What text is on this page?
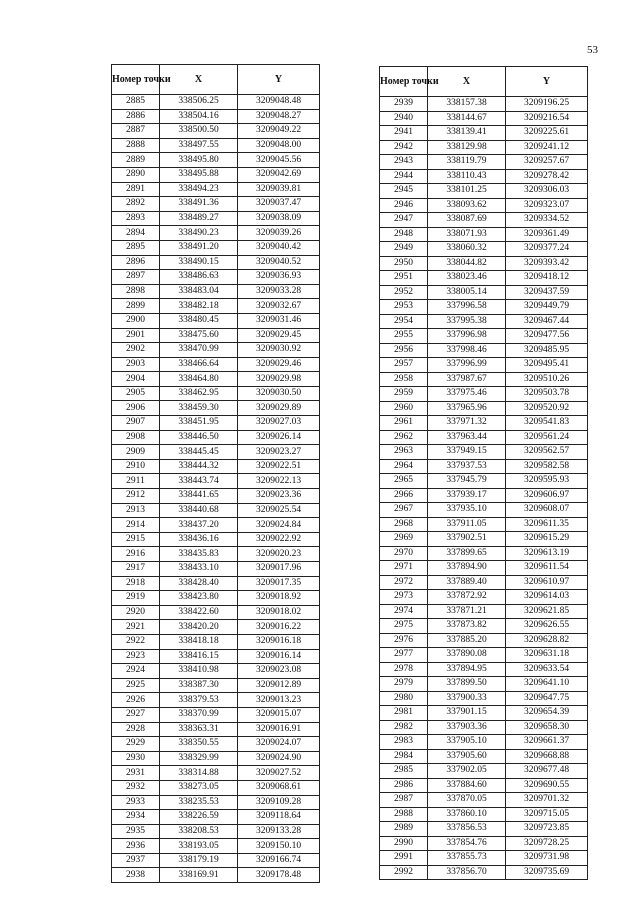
53
Номер точки	X	Y
2885	338506.25	3209048.48
2886	338504.16	3209048.27
2887	338500.50	3209049.22
2888	338497.55	3209048.00
2889	338495.80	3209045.56
2890	338495.88	3209042.69
2891	338494.23	3209039.81
2892	338491.36	3209037.47
2893	338489.27	3209038.09
2894	338490.23	3209039.26
2895	338491.20	3209040.42
2896	338490.15	3209040.52
2897	338486.63	3209036.93
2898	338483.04	3209033.28
2899	338482.18	3209032.67
2900	338480.45	3209031.46
2901	338475.60	3209029.45
2902	338470.99	3209030.92
2903	338466.64	3209029.46
2904	338464.80	3209029.98
2905	338462.95	3209030.50
2906	338459.30	3209029.89
2907	338451.95	3209027.03
2908	338446.50	3209026.14
2909	338445.45	3209023.27
2910	338444.32	3209022.51
2911	338443.74	3209022.13
2912	338441.65	3209023.36
2913	338440.68	3209025.54
2914	338437.20	3209024.84
2915	338436.16	3209022.92
2916	338435.83	3209020.23
2917	338433.10	3209017.96
2918	338428.40	3209017.35
2919	338423.80	3209018.92
2920	338422.60	3209018.02
2921	338420.20	3209016.22
2922	338418.18	3209016.18
2923	338416.15	3209016.14
2924	338410.98	3209023.08
2925	338387.30	3209012.89
2926	338379.53	3209013.23
2927	338370.99	3209015.07
2928	338363.31	3209016.91
2929	338350.55	3209024.07
2930	338329.99	3209024.90
2931	338314.88	3209027.52
2932	338273.05	3209068.61
2933	338235.53	3209109.28
2934	338226.59	3209118.64
2935	338208.53	3209133.28
2936	338193.05	3209150.10
2937	338179.19	3209166.74
2938	338169.91	3209178.48
Номер точки	X	Y
2939	338157.38	3209196.25
2940	338144.67	3209216.54
2941	338139.41	3209225.61
2942	338129.98	3209241.12
2943	338119.79	3209257.67
2944	338110.43	3209278.42
2945	338101.25	3209306.03
2946	338093.62	3209323.07
2947	338087.69	3209334.52
2948	338071.93	3209361.49
2949	338060.32	3209377.24
2950	338044.82	3209393.42
2951	338023.46	3209418.12
2952	338005.14	3209437.59
2953	337996.58	3209449.79
2954	337995.38	3209467.44
2955	337996.98	3209477.56
2956	337998.46	3209485.95
2957	337996.99	3209495.41
2958	337987.67	3209510.26
2959	337975.46	3209503.78
2960	337965.96	3209520.92
2961	337971.32	3209541.83
2962	337963.44	3209561.24
2963	337949.15	3209562.57
2964	337937.53	3209582.58
2965	337945.79	3209595.93
2966	337939.17	3209606.97
2967	337935.10	3209608.07
2968	337911.05	3209611.35
2969	337902.51	3209615.29
2970	337899.65	3209613.19
2971	337894.90	3209611.54
2972	337889.40	3209610.97
2973	337872.92	3209614.03
2974	337871.21	3209621.85
2975	337873.82	3209626.55
2976	337885.20	3209628.82
2977	337890.08	3209631.18
2978	337894.95	3209633.54
2979	337899.50	3209641.10
2980	337900.33	3209647.75
2981	337901.15	3209654.39
2982	337903.36	3209658.30
2983	337905.10	3209661.37
2984	337905.60	3209668.88
2985	337902.05	3209677.48
2986	337884.60	3209690.55
2987	337870.05	3209701.32
2988	337860.10	3209715.05
2989	337856.53	3209723.85
2990	337854.76	3209728.25
2991	337855.73	3209731.98
2992	337856.70	3209735.69
